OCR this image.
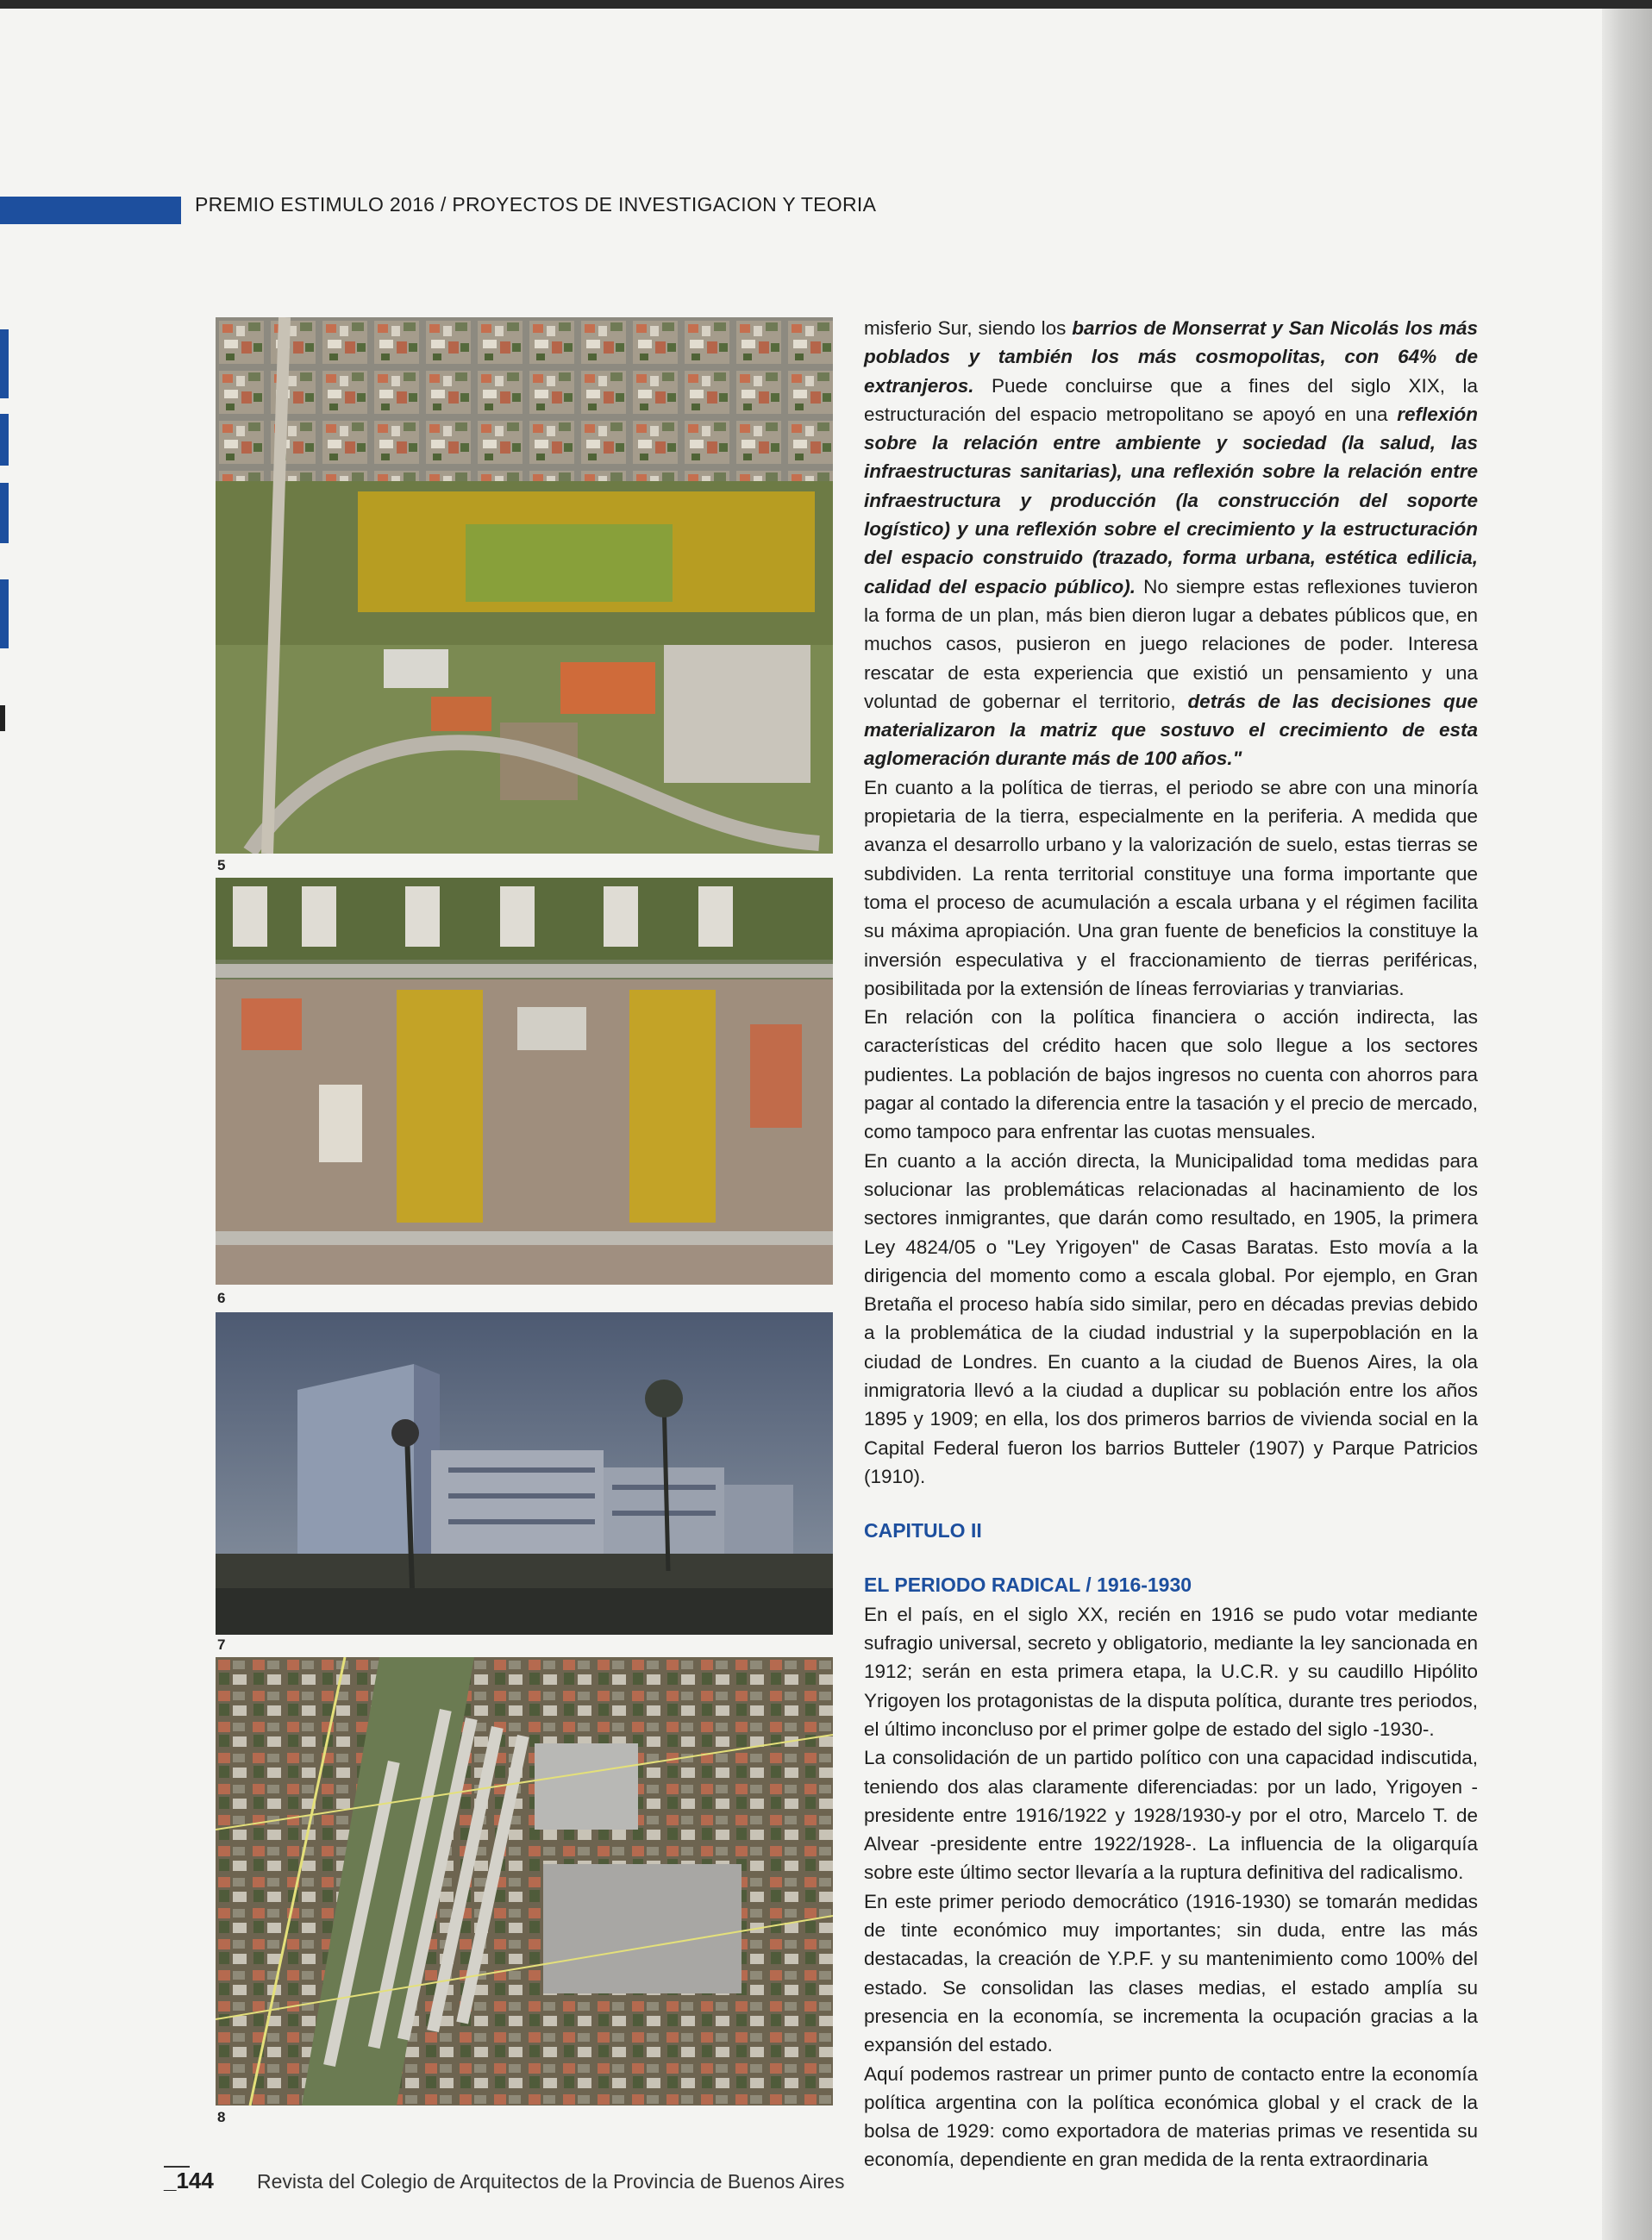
PREMIO ESTIMULO 2016 / PROYECTOS DE INVESTIGACION Y TEORIA
5
6
7
8

misferio Sur, siendo los barrios de Monserrat y San Nicolás los más poblados y también los más cosmopolitas, con 64% de extranjeros. Puede concluirse que a fines del siglo XIX, la estructuración del espacio metropolitano se apoyó en una reflexión sobre la relación entre ambiente y sociedad (la salud, las infraestructuras sanitarias), una reflexión sobre la relación entre infraestructura y producción (la construcción del soporte logístico) y una reflexión sobre el crecimiento y la estructuración del espacio construido (trazado, forma urbana, estética edilicia, calidad del espacio público). No siempre estas reflexiones tuvieron la forma de un plan, más bien dieron lugar a debates públicos que, en muchos casos, pusieron en juego relaciones de poder. Interesa rescatar de esta experiencia que existió un pensamiento y una voluntad de gobernar el territorio, detrás de las decisiones que materializaron la matriz que sostuvo el crecimiento de esta aglomeración durante más de 100 años."

En cuanto a la política de tierras, el periodo se abre con una minoría propietaria de la tierra, especialmente en la periferia. A medida que avanza el desarrollo urbano y la valorización de suelo, estas tierras se subdividen. La renta territorial constituye una forma importante que toma el proceso de acumulación a escala urbana y el régimen facilita su máxima apropiación. Una gran fuente de beneficios la constituye la inversión especulativa y el fraccionamiento de tierras periféricas, posibilitada por la extensión de líneas ferroviarias y tranviarias.

En relación con la política financiera o acción indirecta, las características del crédito hacen que solo llegue a los sectores pudientes. La población de bajos ingresos no cuenta con ahorros para pagar al contado la diferencia entre la tasación y el precio de mercado, como tampoco para enfrentar las cuotas mensuales.

En cuanto a la acción directa, la Municipalidad toma medidas para solucionar las problemáticas relacionadas al hacinamiento de los sectores inmigrantes, que darán como resultado, en 1905, la primera Ley 4824/05 o "Ley Yrigoyen" de Casas Baratas. Esto movía a la dirigencia del momento como a escala global. Por ejemplo, en Gran Bretaña el proceso había sido similar, pero en décadas previas debido a la problemática de la ciudad industrial y la superpoblación en la ciudad de Londres. En cuanto a la ciudad de Buenos Aires, la ola inmigratoria llevó a la ciudad a duplicar su población entre los años 1895 y 1909; en ella, los dos primeros barrios de vivienda social en la Capital Federal fueron los barrios Butteler (1907) y Parque Patricios (1910).

CAPITULO II

EL PERIODO RADICAL / 1916-1930

En el país, en el siglo XX, recién en 1916 se pudo votar mediante sufragio universal, secreto y obligatorio, mediante la ley sancionada en 1912; serán en esta primera etapa, la U.C.R. y su caudillo Hipólito Yrigoyen los protagonistas de la disputa política, durante tres periodos, el último inconcluso por el primer golpe de estado del siglo -1930-.

La consolidación de un partido político con una capacidad indiscutida, teniendo dos alas claramente diferenciadas: por un lado, Yrigoyen -presidente entre 1916/1922 y 1928/1930-y por el otro, Marcelo T. de Alvear -presidente entre 1922/1928-. La influencia de la oligarquía sobre este último sector llevaría a la ruptura definitiva del radicalismo.

En este primer periodo democrático (1916-1930) se tomarán medidas de tinte económico muy importantes; sin duda, entre las más destacadas, la creación de Y.P.F. y su mantenimiento como 100% del estado. Se consolidan las clases medias, el estado amplía su presencia en la economía, se incrementa la ocupación gracias a la expansión del estado.

Aquí podemos rastrear un primer punto de contacto entre la economía política argentina con la política económica global y el crack de la bolsa de 1929: como exportadora de materias primas ve resentida su economía, dependiente en gran medida de la renta extraordinaria

_144 Revista del Colegio de Arquitectos de la Provincia de Buenos Aires
